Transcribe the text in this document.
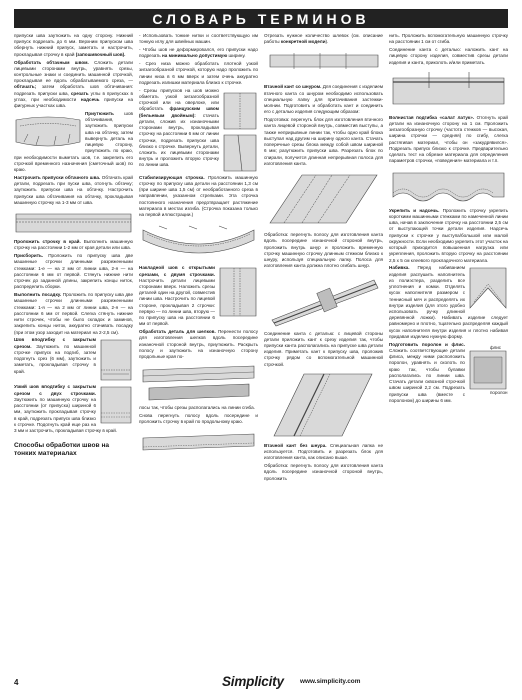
СЛОВАРЬ ТЕРМИНОВ

припуски шва заутюжить на одну сторону. Нижний припуск подрезать до 6 мм. Верхним припуском шва обернуть нижний припуск, заметать и настрочить, прокладывая строчку в край (запошивочный шов).

Обработать обтачным швом. Сложить детали лицевыми сторонами внутрь, уравнять срезы, контрольные знаки и соединить машинной строчкой, прокладывая ее вдоль обрабатываемого среза, — обтачать; затем обработать шов обтачивания: подрезать припуски шва, срезать углы в припусках в углах, при необходимости надсечь припуски на фигурных участках шва.

Приутюжить шов обтачивания, заутюжить припуски шва на обтачку, затем вывернуть деталь на лицевую сторону, приутюжить по краю, при необходимости выметать шов, т.е. закрепить его строчкой временного назначения (сметочный шов) по краю.

Настрочить припуски обтачного шва. Обтачать край детали, подрезать при пуски шва, отогнуть обтачку; заутюжить припуски шва на обтачку. Настрочить припуски шва обтачивания на обтачку, прокладывая машинную строчку на 1-3 мм от шва.

Проложить строчку в край. Выполнить машинную строчку на расстоянии 1-2 мм от края детали или шва.

Присборить. Проложить по припуску шва две машинные строчки длинными разреженными стежками: 1-е — на 2 мм от линии шва, 2-я — на расстоянии 6 мм от первой. Стянуть нижние нити строчек до заданной длины, закрепить концы ниток, распределить сборки.

Выполнить посадку. Проложить по припуску шва две машинные строчки длинными разреженными стежками: 1-я — на 2 мм от линии шва, 2-я — на расстоянии 6 мм от первой. Слегка стянуть нижние нити строчек, чтобы не было складок и заминов, закрепить концы ниток, аккуратно стачивать посадку (при этом узор заходит на материал на 2-2,5 см).

Шов вподгибку с закрытым срезом. Заутюжить по машинной строчке припуск на подгиб, затем подогнуть срез (6 мм), заутюжить и заметать, прокладывая строчку в край.

Узкий шов вподгибку с закрытым срезом с двух строчками. Заутюжить по машинную строчку на расстоянии (от припуска) шириной 6 мм, заутюжить прокладывая строчку в край, подрезать припуск шва близко к строчке. Подогнуть край еще раз на 3 мм и застрочить, прокладывая строчку в край.

Способы обработки швов на тонких материалах

- Использовать тонкие нитки и соответствующую им тонкую иглу для швейных машин.

- Чтобы шов не деформировался, его припуски надо подрезать на минимально допустимую ширину.

- Срез низа можно обработать плотной узкой зигзагообразной строчкой, которую надо проложить по линии низа в 6 мм вверх и затем очень аккуратно подрезать излишки материала близко к строчке.

- Срезы припусков на шов можно обметать узкой зигзагообразной строчкой или на оверлоке, или обработать французским швом (бельевым двойным): стачать детали, сложив их изнаночными сторонами внутрь, прокладывая строчку на расстоянии 6 мм от линии строчки, подрезать припуски шва близко к строчке. Вывернуть детали, сложить их лицевыми сторонами внутрь и проложить вторую строчку по линии шва.

Стабилизирующая строчка. Проложить машинную строчку по припуску шва детали на расстоянии 1,3 см (при ширине шва 1,5 см) от необработанного среза в направлении, указанном стрелками. Эта строчка постоянного назначения предотвращает растяжение материала в местах изгиба. (Строчка показана только на первой иллюстрации.)

Накладной шов с открытыми срезами, с двумя строчками. Настрочить детали лицевыми сторонами вверх. Наложить срезы деталей один на другой, совместив линии шва. Настрочить по лицевой стороне, прокладывая 2 строчки: первую — по линии шва, вторую — по припуску шва на расстоянии 6 мм от первой.

Обработать деталь для шелков. Перенести полосу для изготовления шелков вдоль посередине изнаночной стороной внутрь, приутюжить. Раскрыть полосу и заутюжить на изнаночную сторону продольные края по-

лосы так, чтобы срезы располагались на линии сгиба.

Снова перегнуть полосу вдоль посередине и проложить строчку в край по продольному краю.

Отрезать нужное количество шлевок (см. описание работы конкретной модели).

Втачной кант со шнуром. Для соединения с изделием втачного канта со шнуром необходимо использовать специальную лапку для притачивания застежки-молнии. Подготовить и обработать кант и соединить его с деталью изделия следующим образом:

Подготовка: перегнуть блок для изготовления втачного канта лицевой стороной внутрь, совместив выступы, а также неприрывные линии так, чтобы одно край блока выступал над другим на ширину одного канта. Стачать поперечные срезы блока между собой швом шириной 6 мм; разутюжить припуски шва. Разрезать блок по спирали, получится длинная непрерывная полоса для изготовления канта.

Обработка: перегнуть полосу для изготовления канта вдоль посередине изнаночной стороной внутрь, проложить внутрь шнур и проложить временную строчку машинную строчку длинным стежком близко к шнуру, используя специальную лапку. Полоса для изготовления канта должна плотно огибать шнур.

Соединение канта с деталью: с лицевой стороны детали приложить кант к срезу изделия так, чтобы припуски канта располагались на припуске шва детали изделия. Приметать кант к припуску шва, проложив строчку рядом со вспомогательной машинной строчкой.

Втачной кант без шнура. Специальная лапка не используется. Подготовить и разрезать блок для изготовления канта, как описано выше.

Обработка: перегнуть полосу для изготовления канта вдоль посередине изнаночной стороной внутрь, проложить

нить. Проложить вспомогательную машинную строчку на расстоянии 1 см от сгиба.

Соединение канта с деталью: наложить кант на лицевую сторону изделия, совместив срезы детали изделия и канта, приколоть и/или приметать.

Волнистая подгибка «салат латук». Отогнуть край детали на изнаночную сторону на 1 см. Проложить зигзагообразную строчку (частота стежков — высокая, ширина строчки — средняя) по сгибу, слегка растягивая материал, чтобы он «закудрявился». Подрезать припуск близко к строчке. Предварительно сделать тест на обрезке материала для определения параметров строчки, «поведения» материала и т.п.

Укрепить и надсечь. Проложить строчку укрепить короткими машинными стежками по намеченной линии шва, начав в заключение строчку на расстоянии 2,5 см от выступающей точки детали изделия. Надсечь припуски к строчке у выступа/большой или малой окружности. Если необходимо укрепить этот участок на который приходится повышенная нагрузка или укрепления, проложить вторую строчку на расстоянии 2,5 х 5 см клеевого прокладочного материала.

Набивка. Перед набиванием изделия распушить наполнитель из полиэстера, разделить все уплотнения и комки. Отделять кусок наполнителя размером с теннисный мяч и распределять их внутри изделия (для этого удобно использовать ручку длинной деревянной ложки). Набивать изделие следует равномерно и плотно, тщательно распределяя каждый кусок наполнителя внутри изделия и плотно набивая придавая изделию нужную форму.

флис
поролон

Подготовить поролон и флис. Сложить соответствующие детали флиса, между ними расположить поролон, уравнять и сколоть по краю так, чтобы булавки располагались по линии шва. Стачать детали сквозной строчкой швом шириной 2,2 см. Подрезать припуски шва (вместе с поролоном) до ширины 6 мм.

4	Simplicity	www.simplicity.com
